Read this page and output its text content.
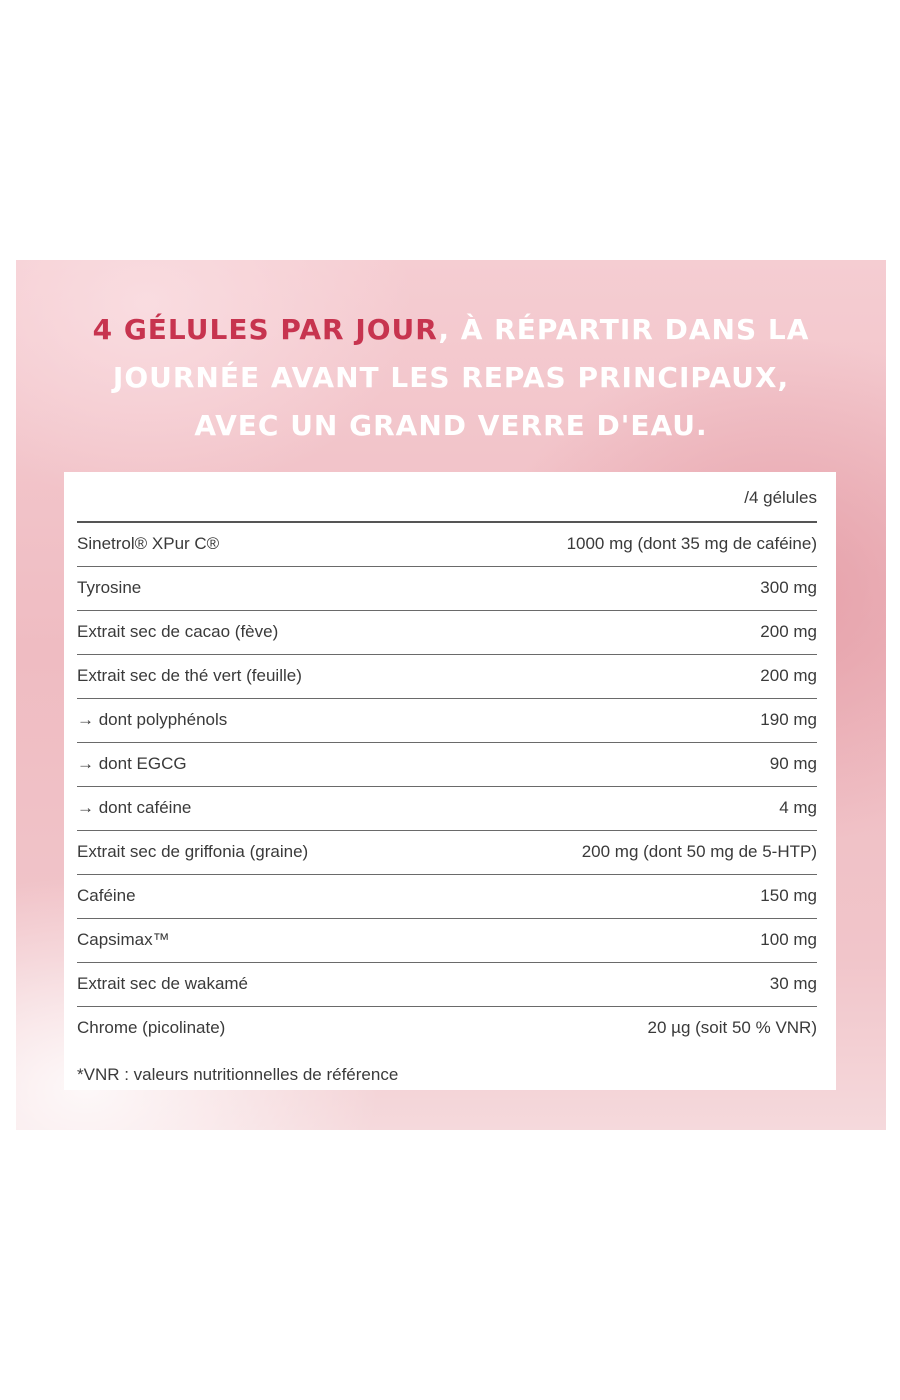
4 GÉLULES PAR JOUR, À RÉPARTIR DANS LA
JOURNÉE AVANT LES REPAS PRINCIPAUX,
AVEC UN GRAND VERRE D'EAU.
/4 gélules
Sinetrol® XPur C®	1000 mg (dont 35 mg de caféine)
Tyrosine	300 mg
Extrait sec de cacao (fève)	200 mg
Extrait sec de thé vert (feuille)	200 mg
→ dont polyphénols	190 mg
→ dont EGCG	90 mg
→ dont caféine	4 mg
Extrait sec de griffonia (graine)	200 mg (dont 50 mg de 5-HTP)
Caféine	150 mg
Capsimax™	100 mg
Extrait sec de wakamé	30 mg
Chrome (picolinate)	20 µg (soit 50 % VNR)
*VNR : valeurs nutritionnelles de référence
